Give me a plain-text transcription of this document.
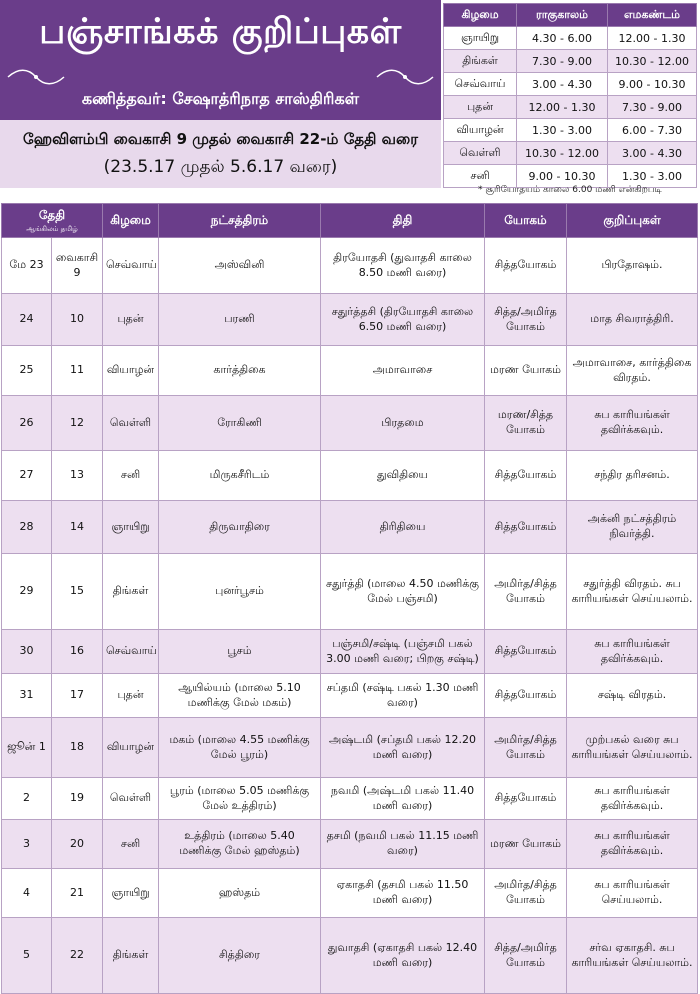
பஞ்சாங்கக் குறிப்புகள்
கணித்தவர்: சேஷாத்ரிநாத சாஸ்திரிகள்
ஹேவிளம்பி வைகாசி 9 முதல் வைகாசி 22-ம் தேதி வரை
(23.5.17 முதல் 5.6.17 வரை)
கிழமை	ராகுகாலம்	எமகண்டம்
ஞாயிறு	4.30 - 6.00	12.00 - 1.30
திங்கள்	7.30 - 9.00	10.30 - 12.00
செவ்வாய்	3.00 - 4.30	9.00 - 10.30
புதன்	12.00 - 1.30	7.30 - 9.00
வியாழன்	1.30 - 3.00	6.00 - 7.30
வெள்ளி	10.30 - 12.00	3.00 - 4.30
சனி	9.00 - 10.30	1.30 - 3.00
* சூரியோதயம் காலை 6.00 மணி என்கிறபடி
தேதி
ஆங்கிலம் தமிழ்		கிழமை	நட்சத்திரம்	திதி	யோகம்	குறிப்புகள்
மே 23	வைகாசி 9	செவ்வாய்	அஸ்வினி	திரயோதசி (துவாதசி காலை 8.50 மணி வரை)	சித்தயோகம்	பிரதோஷம்.
24	10	புதன்	பரணி	சதுர்த்தசி (திரயோதசி காலை 6.50 மணி வரை)	சித்த/அமிர்த யோகம்	மாத சிவராத்திரி.
25	11	வியாழன்	கார்த்திகை	அமாவாசை	மரண யோகம்	அமாவாசை, கார்த்திகை விரதம்.
26	12	வெள்ளி	ரோகிணி	பிரதமை	மரண/சித்த யோகம்	சுப காரியங்கள் தவிர்க்கவும்.
27	13	சனி	மிருகசீரிடம்	துவிதியை	சித்தயோகம்	சந்திர தரிசனம்.
28	14	ஞாயிறு	திருவாதிரை	திரிதியை	சித்தயோகம்	அக்னி நட்சத்திரம் நிவர்த்தி.
29	15	திங்கள்	புனர்பூசம்	சதுர்த்தி (மாலை 4.50 மணிக்கு மேல் பஞ்சமி)	அமிர்த/சித்த யோகம்	சதுர்த்தி விரதம். சுப காரியங்கள் செய்யலாம்.
30	16	செவ்வாய்	பூசம்	பஞ்சமி/சஷ்டி (பஞ்சமி பகல் 3.00 மணி வரை; பிறகு சஷ்டி)	சித்தயோகம்	சுப காரியங்கள் தவிர்க்கவும்.
31	17	புதன்	ஆயில்யம் (மாலை 5.10 மணிக்கு மேல் மகம்)	சப்தமி (சஷ்டி பகல் 1.30 மணி வரை)	சித்தயோகம்	சஷ்டி விரதம்.
ஜூன் 1	18	வியாழன்	மகம் (மாலை 4.55 மணிக்கு மேல் பூரம்)	அஷ்டமி (சப்தமி பகல் 12.20 மணி வரை)	அமிர்த/சித்த யோகம்	முற்பகல் வரை சுப காரியங்கள் செய்யலாம்.
2	19	வெள்ளி	பூரம் (மாலை 5.05 மணிக்கு மேல் உத்திரம்)	நவமி (அஷ்டமி பகல் 11.40 மணி வரை)	சித்தயோகம்	சுப காரியங்கள் தவிர்க்கவும்.
3	20	சனி	உத்திரம் (மாலை 5.40 மணிக்கு மேல் ஹஸ்தம்)	தசமி (நவமி பகல் 11.15 மணி வரை)	மரண யோகம்	சுப காரியங்கள் தவிர்க்கவும்.
4	21	ஞாயிறு	ஹஸ்தம்	ஏகாதசி (தசமி பகல் 11.50 மணி வரை)	அமிர்த/சித்த யோகம்	சுப காரியங்கள் செய்யலாம்.
5	22	திங்கள்	சித்திரை	துவாதசி (ஏகாதசி பகல் 12.40 மணி வரை)	சித்த/அமிர்த யோகம்	சர்வ ஏகாதசி. சுப காரியங்கள் செய்யலாம்.
